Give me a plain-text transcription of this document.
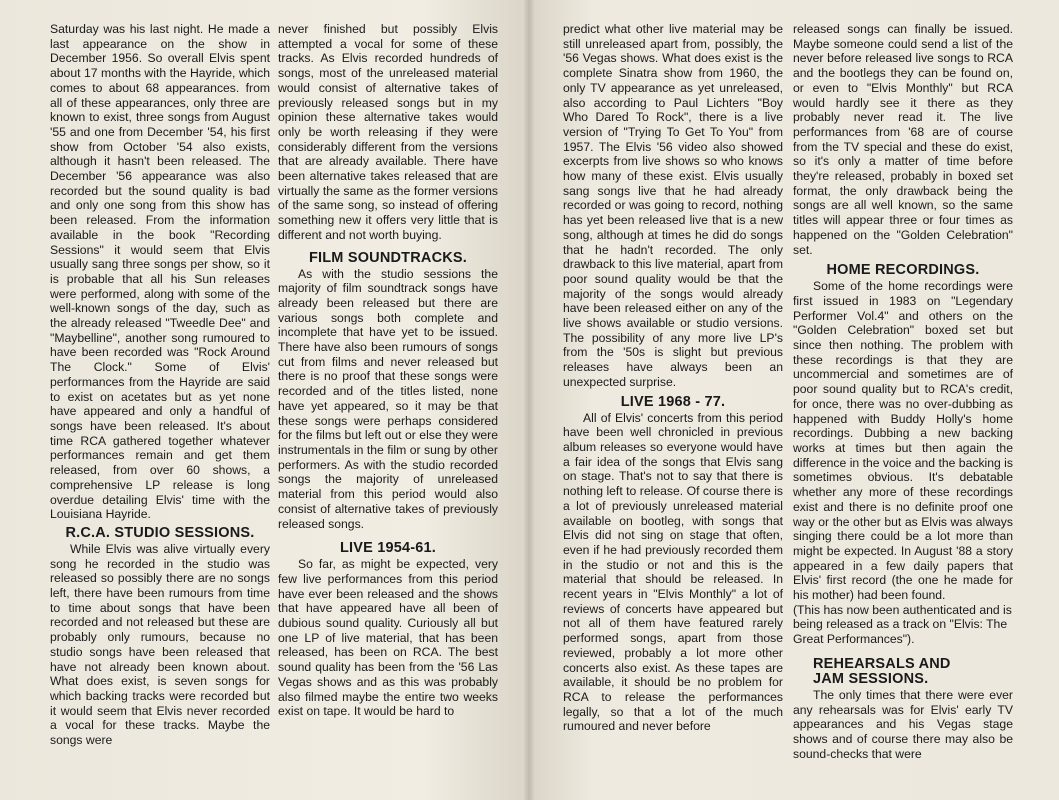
Saturday was his last night. He made a last appearance on the show in December 1956. So overall Elvis spent about 17 months with the Hayride, which comes to about 68 appearances. from all of these appearances, only three are known to exist, three songs from August '55 and one from December '54, his first show from October '54 also exists, although it hasn't been released. The December '56 appearance was also recorded but the sound quality is bad and only one song from this show has been released. From the information available in the book "Recording Sessions" it would seem that Elvis usually sang three songs per show, so it is probable that all his Sun releases were performed, along with some of the well-known songs of the day, such as the already released "Tweedle Dee" and "Maybelline", another song rumoured to have been recorded was "Rock Around The Clock." Some of Elvis' performances from the Hayride are said to exist on acetates but as yet none have appeared and only a handful of songs have been released. It's about time RCA gathered together whatever performances remain and get them released, from over 60 shows, a comprehensive LP release is long overdue detailing Elvis' time with the Louisiana Hayride.

R.C.A. STUDIO SESSIONS.

While Elvis was alive virtually every song he recorded in the studio was released so possibly there are no songs left, there have been rumours from time to time about songs that have been recorded and not released but these are probably only rumours, because no studio songs have been released that have not already been known about. What does exist, is seven songs for which backing tracks were recorded but it would seem that Elvis never recorded a vocal for these tracks. Maybe the songs were

never finished but possibly Elvis attempted a vocal for some of these tracks. As Elvis recorded hundreds of songs, most of the unreleased material would consist of alternative takes of previously released songs but in my opinion these alternative takes would only be worth releasing if they were considerably different from the versions that are already available. There have been alternative takes released that are virtually the same as the former versions of the same song, so instead of offering something new it offers very little that is different and not worth buying.

FILM SOUNDTRACKS.

As with the studio sessions the majority of film soundtrack songs have already been released but there are various songs both complete and incomplete that have yet to be issued. There have also been rumours of songs cut from films and never released but there is no proof that these songs were recorded and of the titles listed, none have yet appeared, so it may be that these songs were perhaps considered for the films but left out or else they were instrumentals in the film or sung by other performers. As with the studio recorded songs the majority of unreleased material from this period would also consist of alternative takes of previously released songs.

LIVE 1954-61.

So far, as might be expected, very few live performances from this period have ever been released and the shows that have appeared have all been of dubious sound quality. Curiously all but one LP of live material, that has been released, has been on RCA. The best sound quality has been from the '56 Las Vegas shows and as this was probably also filmed maybe the entire two weeks exist on tape. It would be hard to

predict what other live material may be still unreleased apart from, possibly, the '56 Vegas shows. What does exist is the complete Sinatra show from 1960, the only TV appearance as yet unreleased, also according to Paul Lichters "Boy Who Dared To Rock", there is a live version of "Trying To Get To You" from 1957. The Elvis '56 video also showed excerpts from live shows so who knows how many of these exist. Elvis usually sang songs live that he had already recorded or was going to record, nothing has yet been released live that is a new song, although at times he did do songs that he hadn't recorded. The only drawback to this live material, apart from poor sound quality would be that the majority of the songs would already have been released either on any of the live shows available or studio versions. The possibility of any more live LP's from the '50s is slight but previous releases have always been an unexpected surprise.

LIVE 1968 - 77.

All of Elvis' concerts from this period have been well chronicled in previous album releases so everyone would have a fair idea of the songs that Elvis sang on stage. That's not to say that there is nothing left to release. Of course there is a lot of previously unreleased material available on bootleg, with songs that Elvis did not sing on stage that often, even if he had previously recorded them in the studio or not and this is the material that should be released. In recent years in "Elvis Monthly" a lot of reviews of concerts have appeared but not all of them have featured rarely performed songs, apart from those reviewed, probably a lot more other concerts also exist. As these tapes are available, it should be no problem for RCA to release the performances legally, so that a lot of the much rumoured and never before

released songs can finally be issued. Maybe someone could send a list of the never before released live songs to RCA and the bootlegs they can be found on, or even to "Elvis Monthly" but RCA would hardly see it there as they probably never read it. The live performances from '68 are of course from the TV special and these do exist, so it's only a matter of time before they're released, probably in boxed set format, the only drawback being the songs are all well known, so the same titles will appear three or four times as happened on the "Golden Celebration" set.

HOME RECORDINGS.

Some of the home recordings were first issued in 1983 on "Legendary Performer Vol.4" and others on the "Golden Celebration" boxed set but since then nothing. The problem with these recordings is that they are uncommercial and sometimes are of poor sound quality but to RCA's credit, for once, there was no over-dubbing as happened with Buddy Holly's home recordings. Dubbing a new backing works at times but then again the difference in the voice and the backing is sometimes obvious. It's debatable whether any more of these recordings exist and there is no definite proof one way or the other but as Elvis was always singing there could be a lot more than might be expected. In August '88 a story appeared in a few daily papers that Elvis' first record (the one he made for his mother) had been found.

(This has now been authenticated and is being released as a track on "Elvis: The Great Performances").

REHEARSALS AND JAM SESSIONS.

The only times that there were ever any rehearsals was for Elvis' early TV appearances and his Vegas stage shows and of course there may also be sound-checks that were
